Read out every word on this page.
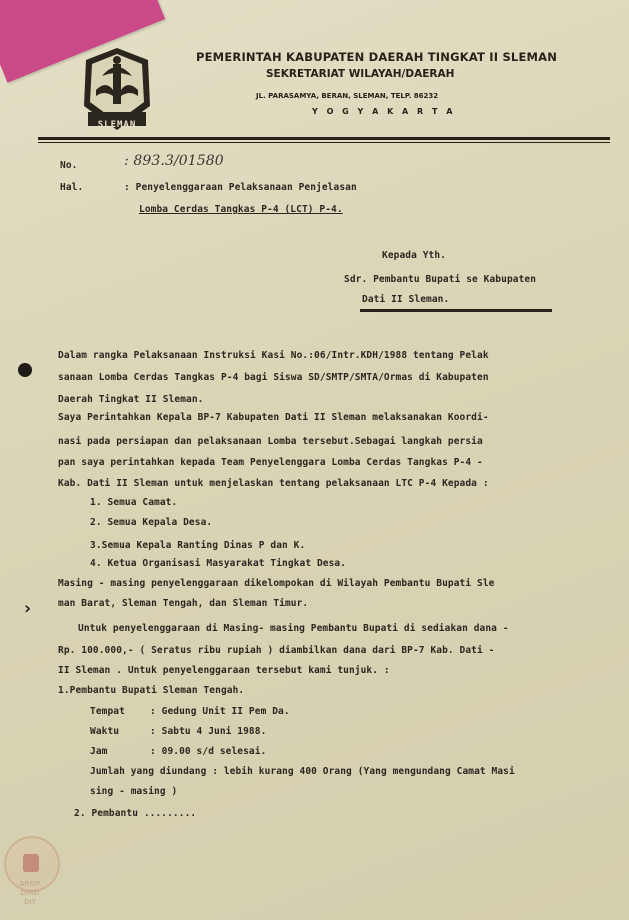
SLEMAN
PEMERINTAH KABUPATEN DAERAH TINGKAT II SLEMAN
SEKRETARIAT WILAYAH/DAERAH
JL. PARASAMYA, BERAN, SLEMAN, TELP. 86232
Y O G Y A K A R T A
No.	: 893.3/01580
Hal.	: Penyelenggaraan Pelaksanaan Penjelasan
Lomba Cerdas Tangkas P-4 (LCT) P-4.
Kepada Yth.
Sdr. Pembantu Bupati se Kabupaten
Dati II Sleman.
Dalam rangka Pelaksanaan Instruksi Kasi No.:06/Intr.KDH/1988 tentang Pelak
sanaan Lomba Cerdas Tangkas P-4 bagi Siswa SD/SMTP/SMTA/Ormas di Kabupaten
Daerah Tingkat II Sleman.
Saya Perintahkan Kepala BP-7 Kabupaten Dati II Sleman melaksanakan Koordi-
nasi pada persiapan dan pelaksanaan Lomba tersebut.Sebagai langkah persia
pan saya perintahkan kepada Team Penyelenggara Lomba Cerdas Tangkas P-4 -
Kab. Dati II Sleman untuk menjelaskan tentang pelaksanaan LTC P-4 Kepada :
1. Semua Camat.
2. Semua Kepala Desa.
3.Semua Kepala Ranting Dinas P dan K.
4. Ketua Organisasi Masyarakat Tingkat Desa.
Masing - masing penyelenggaraan dikelompokan di Wilayah Pembantu Bupati Sle
man Barat, Sleman Tengah, dan Sleman Timur.
›
Untuk penyelenggaraan di Masing- masing Pembantu Bupati di sediakan dana -
Rp. 100.000,- ( Seratus ribu rupiah ) diambilkan dana dari BP-7 Kab. Dati -
II Sleman . Untuk penyelenggaraan tersebut kami tunjuk. :
1.Pembantu Bupati Sleman Tengah.
Tempat	: Gedung Unit II Pem Da.
Waktu	: Sabtu 4 Juni 1988.
Jam	: 09.00 s/d selesai.
Jumlah yang diundang : lebih kurang 400 Orang (Yang mengundang Camat Masi
sing - masing )
2. Pembantu .........
ARSIP
DPAD
DIY
